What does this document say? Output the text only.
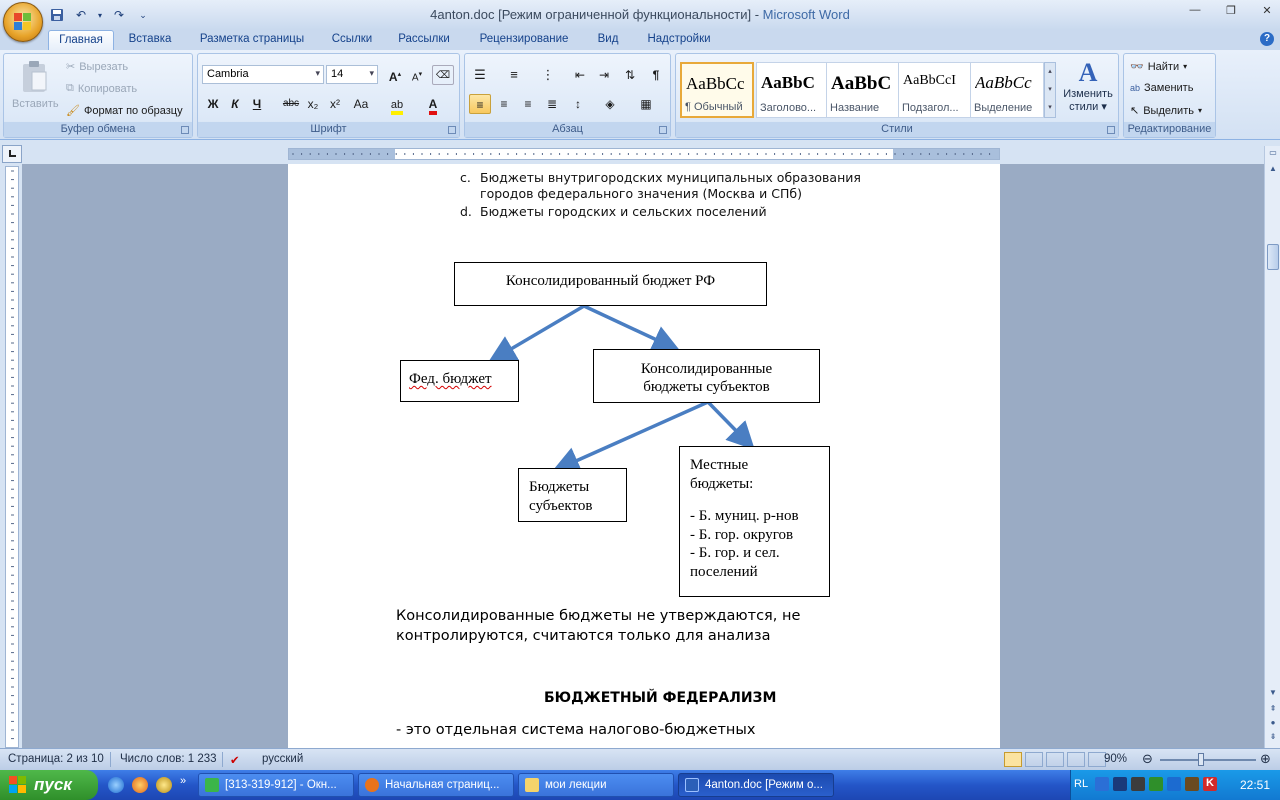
↶	▾ ↷	⌄	4anton.doc [Режим ограниченной функциональности] - Microsoft Word	—	❐	✕
Главная	Вставка	Разметка страницы	Ссылки	Рассылки	Рецензирование	Вид	Надстройки	?
Вставить
✂ Вырезать
⧉ Копировать
🖌 Формат по образцу
Буфер обмена
Cambria ▾	14 ▾	A▴	A▾	⌫
Ж	К	Ч	abc x₂ x²	Aa	ab	A
Шрифт
☰	≡	⋮	⇤	⇥	⇅	¶
≡	≡	≡	≣	↕	◈	▦
Абзац
AaBbCc
¶ Обычный
AaBbC
Заголово...
AaBbC
Название
AaBbCcI
Подзагол...
AaBbCc
Выделение
▴
▾
▾
A
Изменить
стили ▾
Стили
👓 Найти ▾
ab Заменить
↖ Выделить ▾
Редактирование
c. Бюджеты внутригородских муниципальных образования
городов федерального значения (Москва и СПб)
d. Бюджеты городских и сельских поселений
Консолидированный бюджет РФ
Фед. бюджет
Консолидированные
бюджеты субъектов
Бюджеты
субъектов
Местные
бюджеты:
- Б. муниц. р-нов
- Б. гор. округов
- Б. гор. и сел.
поселений
Консолидированные бюджеты не утверждаются, не
контролируются, считаются только для анализа
БЮДЖЕТНЫЙ ФЕДЕРАЛИЗМ
- это отдельная система налогово-бюджетных
▭
▲
▼
⇞
●
⇟
Страница: 2 из 10 Число слов: 1 233 ✔ русский	90% ⊖	⊕
пуск	»	[313-319-912] - Окн...	Начальная страниц...	мои лекции	4anton.doc [Режим о...	RL	K 22:51
